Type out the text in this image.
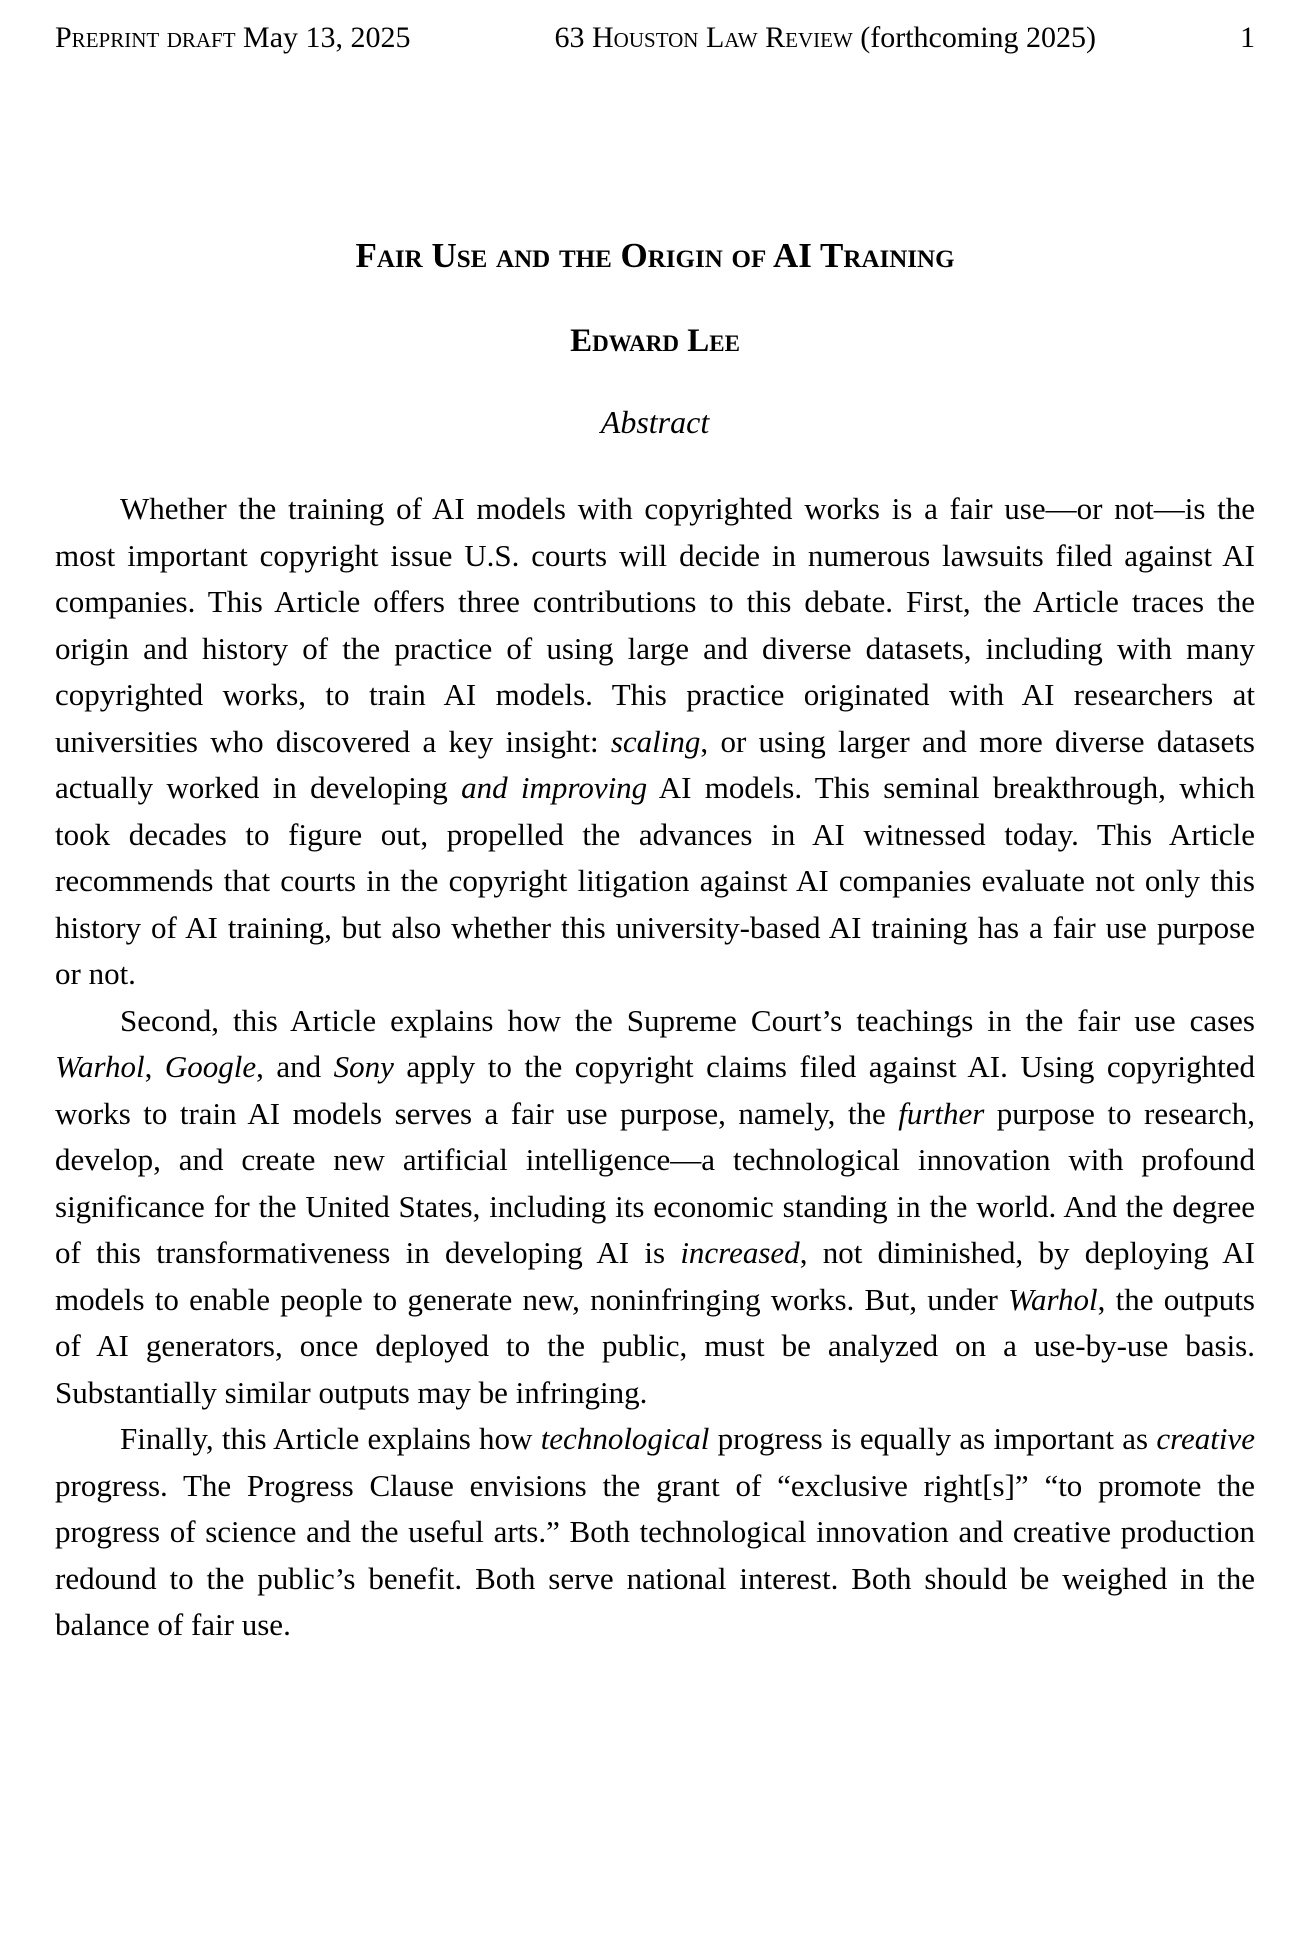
Preprint draft May 13, 2025	63 Houston Law Review (forthcoming 2025)	1
Fair Use and the Origin of AI Training
Edward Lee
Abstract

Whether the training of AI models with copyrighted works is a fair use—or not—is the most important copyright issue U.S. courts will decide in numerous lawsuits filed against AI companies. This Article offers three contributions to this debate. First, the Article traces the origin and history of the practice of using large and diverse datasets, including with many copyrighted works, to train AI models. This practice originated with AI researchers at universities who discovered a key insight: scaling, or using larger and more diverse datasets actually worked in developing and improving AI models. This seminal breakthrough, which took decades to figure out, propelled the advances in AI witnessed today. This Article recommends that courts in the copyright litigation against AI companies evaluate not only this history of AI training, but also whether this university-based AI training has a fair use purpose or not.

Second, this Article explains how the Supreme Court’s teachings in the fair use cases Warhol, Google, and Sony apply to the copyright claims filed against AI. Using copyrighted works to train AI models serves a fair use purpose, namely, the further purpose to research, develop, and create new artificial intelligence—a technological innovation with profound significance for the United States, including its economic standing in the world. And the degree of this transformativeness in developing AI is increased, not diminished, by deploying AI models to enable people to generate new, noninfringing works. But, under Warhol, the outputs of AI generators, once deployed to the public, must be analyzed on a use-by-use basis. Substantially similar outputs may be infringing.

Finally, this Article explains how technological progress is equally as important as creative progress. The Progress Clause envisions the grant of “exclusive right[s]” “to promote the progress of science and the useful arts.” Both technological innovation and creative production redound to the public’s benefit. Both serve national interest. Both should be weighed in the balance of fair use.
